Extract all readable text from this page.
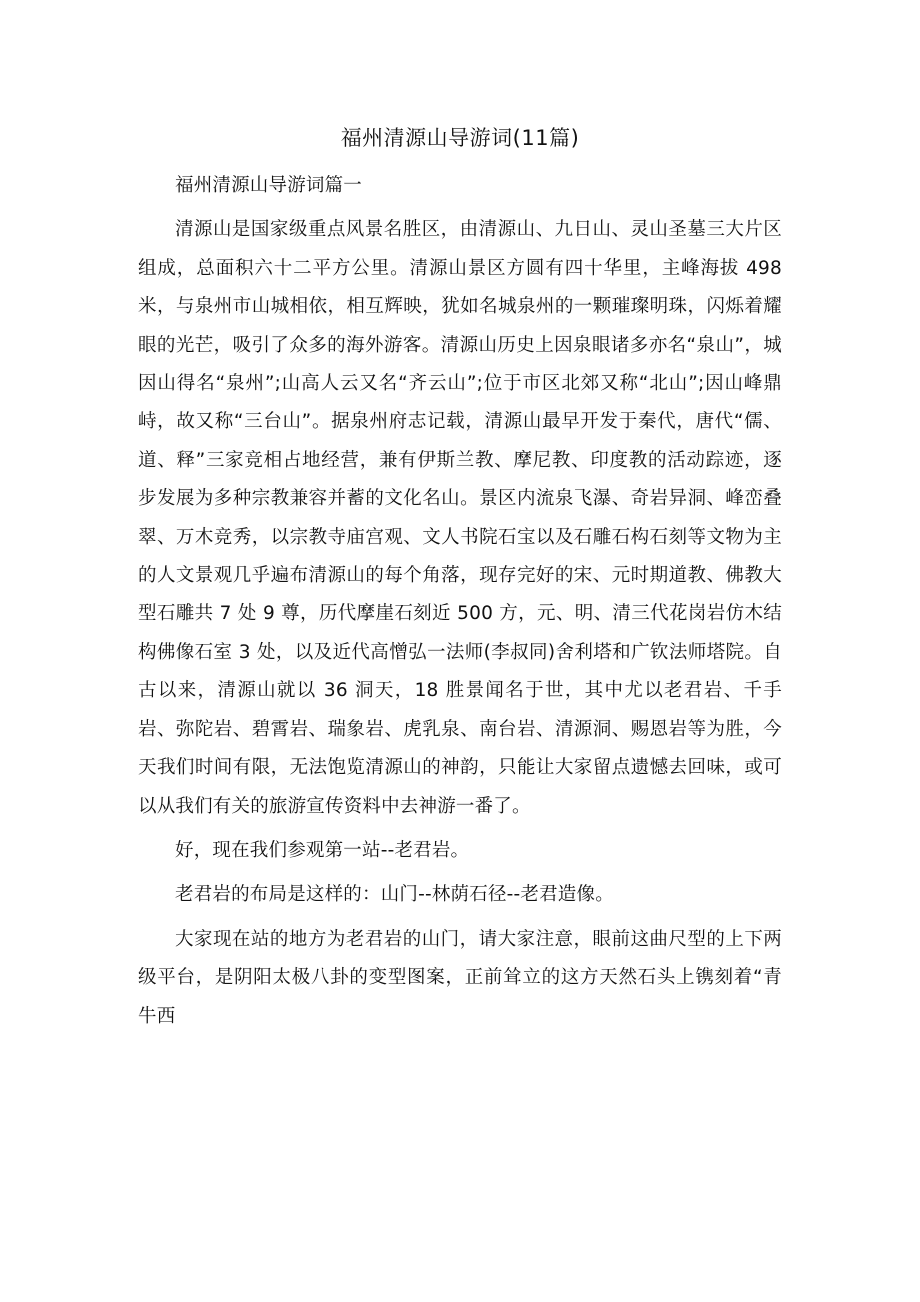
福州清源山导游词(11篇)

福州清源山导游词篇一

清源山是国家级重点风景名胜区，由清源山、九日山、灵山圣墓三大片区组成，总面积六十二平方公里。清源山景区方圆有四十华里，主峰海拔 498 米，与泉州市山城相依，相互辉映，犹如名城泉州的一颗璀璨明珠，闪烁着耀眼的光芒，吸引了众多的海外游客。清源山历史上因泉眼诸多亦名“泉山”，城因山得名“泉州”;山高人云又名“齐云山”;位于市区北郊又称“北山”;因山峰鼎峙，故又称“三台山”。据泉州府志记载，清源山最早开发于秦代，唐代“儒、道、释”三家竞相占地经营，兼有伊斯兰教、摩尼教、印度教的活动踪迹，逐步发展为多种宗教兼容并蓄的文化名山。景区内流泉飞瀑、奇岩异洞、峰峦叠翠、万木竞秀，以宗教寺庙宫观、文人书院石宝以及石雕石构石刻等文物为主的人文景观几乎遍布清源山的每个角落，现存完好的宋、元时期道教、佛教大型石雕共 7 处 9 尊，历代摩崖石刻近 500 方，元、明、清三代花岗岩仿木结构佛像石室 3 处，以及近代高憎弘一法师(李叔同)舍利塔和广钦法师塔院。自古以来，清源山就以 36 洞天，18 胜景闻名于世，其中尤以老君岩、千手岩、弥陀岩、碧霄岩、瑞象岩、虎乳泉、南台岩、清源洞、赐恩岩等为胜，今天我们时间有限，无法饱览清源山的神韵，只能让大家留点遗憾去回味，或可以从我们有关的旅游宣传资料中去神游一番了。

好，现在我们参观第一站--老君岩。

老君岩的布局是这样的：山门--林荫石径--老君造像。

大家现在站的地方为老君岩的山门，请大家注意，眼前这曲尺型的上下两级平台，是阴阳太极八卦的变型图案，正前耸立的这方天然石头上镌刻着“青牛西
